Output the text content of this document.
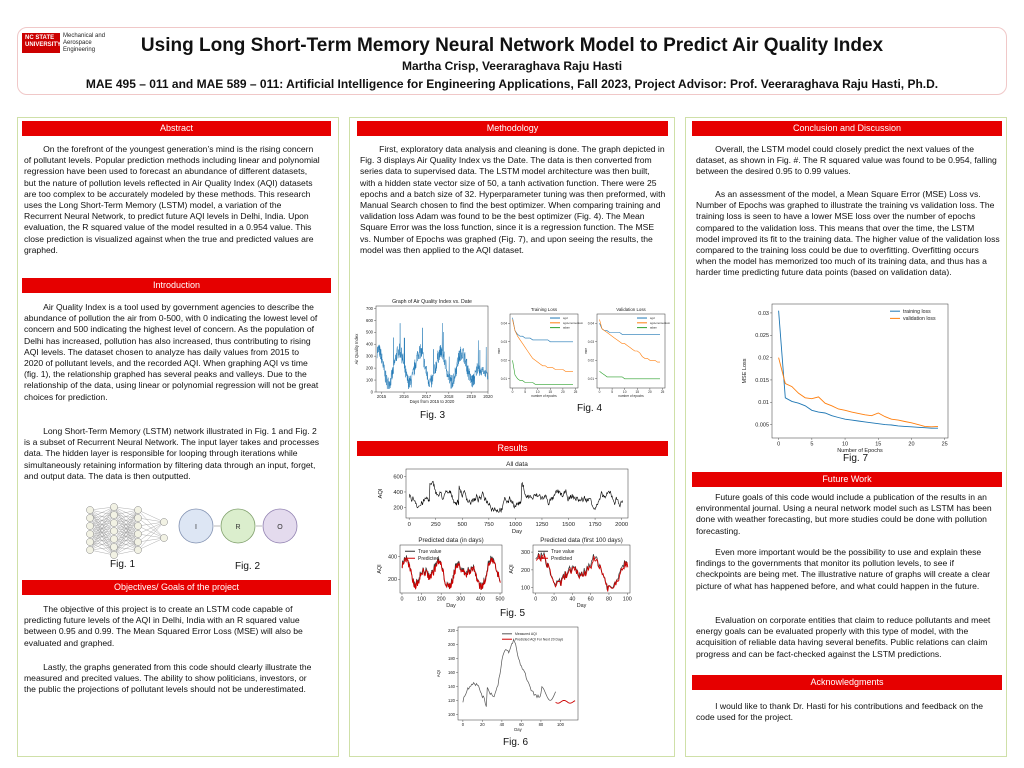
NC STATE
UNIVERSITY
Mechanical and Aerospace
Engineering	Using Long Short-Term Memory Neural Network Model to Predict Air Quality Index
Martha Crisp, Veeraraghava Raju Hasti
MAE 495 – 011 and MAE 589 – 011: Artificial Intelligence for Engineering Applications, Fall 2023, Project Advisor: Prof. Veeraraghava Raju Hasti, Ph.D.
Abstract
On the forefront of the youngest generation’s mind is the rising concern of pollutant levels. Popular prediction methods including linear and polynomial regression have been used to forecast an abundance of different datasets, but the nature of pollution levels reflected in Air Quality Index (AQI) datasets are too complex to be accurately modeled by these methods. This research uses the Long Short-Term Memory (LSTM) model, a variation of the Recurrent Neural Network, to predict future AQI levels in Delhi, India. Upon evaluation, the R squared value of the model resulted in a 0.954 value. This close prediction is visualized against when the true and predicted values are graphed.
Introduction
Air Quality Index is a tool used by government agencies to describe the abundance of pollution the air from 0-500, with 0 indicating the lowest level of concern and 500 indicating the highest level of concern. As the population of Delhi has increased, pollution has also increased, thus contributing to rising AQI levels. The dataset chosen to analyze has daily values from 2015 to 2020 of pollutant levels, and the recorded AQI. When graphing AQI vs time (fig. 1), the relationship graphed has several peaks and valleys. Due to the relationship of the data, using linear or polynomial regression will not be great choices for prediction.
Long Short-Term Memory (LSTM) network illustrated in Fig. 1 and Fig. 2 is a subset of Recurrent Neural Network. The input layer takes and processes data. The hidden layer is responsible for looping through iterations while simultaneously retaining information by filtering data through an input, forget, and output data. The data is then outputted.
Fig. 1
I	R	O
Fig. 2
Objectives/ Goals of the project
The objective of this project is to create an LSTM code capable of predicting future levels of the AQI in Delhi, India with an R squared value between 0.95 and 0.99. The Mean Squared Error Loss (MSE) will also be evaluated and graphed.
Lastly, the graphs generated from this code should clearly illustrate the measured and precited values. The ability to show politicians, investors, or the public the projections of pollutant levels should not be underestimated.
Methodology
First, exploratory data analysis and cleaning is done. The graph depicted in Fig. 3 displays Air Quality Index vs the Date. The data is then converted from series data to supervised data. The LSTM model architecture was then built, with a hidden state vector size of 50, a tanh activation function. There were 25 epochs and a batch size of 32. Hyperparameter tuning was then preformed, with Manual Search chosen to find the best optimizer. When comparing training and validation loss Adam was found to be the best optimizer (Fig. 4). The Mean Square Error was the loss function, since it is a regression function. The MSE vs. Number of Epochs was graphed (Fig. 7), and upon seeing the results, the model was then applied to the AQI dataset.
Graph of Air Quality Index vs. Date
2015	2016	2017	2018	2019 2020
0
100
200
300
400
500
600
700
Days from 2015 to 2020
Air Quality Index
Fig. 3
Training Loss
0	5	10	15	20	25
0.01
0.02
0.03
0.04
number of epochs
mse
sgd
sgd+momentum
adam
Validation Loss
0	5	10	15	20	25
0.01
0.02
0.03
0.04
number of epochs
mse
sgd
sgd+momentum
adam
Fig. 4
Results
All data
0	250	500	750	1000 1250 1500 1750 2000
200
400
600
Day
AQI
Predicted data (in days)
0	100 200 300 400 500
200
400
Day
AQI
True value
Predicted
Predicted data (first 100 days)
0	20 40 60 80 100
100
200
300
Day
AQI
True value
Predicted
Fig. 5
0	20	40	60	80	100
100
120
140
160
180
200
220
Day
AQI
Measured AQI
Predicted AQI For Next 20 Days
Fig. 6
Conclusion and Discussion
Overall, the LSTM model could closely predict the next values of the dataset, as shown in Fig. #. The R squared value was found to be 0.954, falling between the desired 0.95 to 0.99 values.
As an assessment of the model, a Mean Square Error (MSE) Loss vs. Number of Epochs was graphed to illustrate the training vs validation loss. The training loss is seen to have a lower MSE loss over the number of epochs compared to the validation loss. This means that over the time, the LSTM model improved its fit to the training data. The higher value of the validation loss compared to the training loss could be due to overfitting. Overfitting occurs when the model has memorized too much of its training data, and thus has a harder time predicting future data points (based on validation data).
0	5	10	15	20	25
0.005
0.01
0.015
0.02
0.025
0.03
Number of Epochs
MSE Loss
training loss
validation loss
Fig. 7
Future Work
Future goals of this code would include a publication of the results in an environmental journal. Using a neural network model such as LSTM has been done with weather forecasting, but more studies could be done with pollution forecasting.
Even more important would be the possibility to use and explain these findings to the governments that monitor its pollution levels, to see if checkpoints are being met. The illustrative nature of graphs will create a clear picture of what has happened before, and what could happen in the future.
Evaluation on corporate entities that claim to reduce pollutants and meet energy goals can be evaluated properly with this type of model, with the acquisition of reliable data having several benefits. Public relations can claim progress and can be fact-checked against the LSTM predictions.
Acknowledgments
I would like to thank Dr. Hasti for his contributions and feedback on the code used for the project.
